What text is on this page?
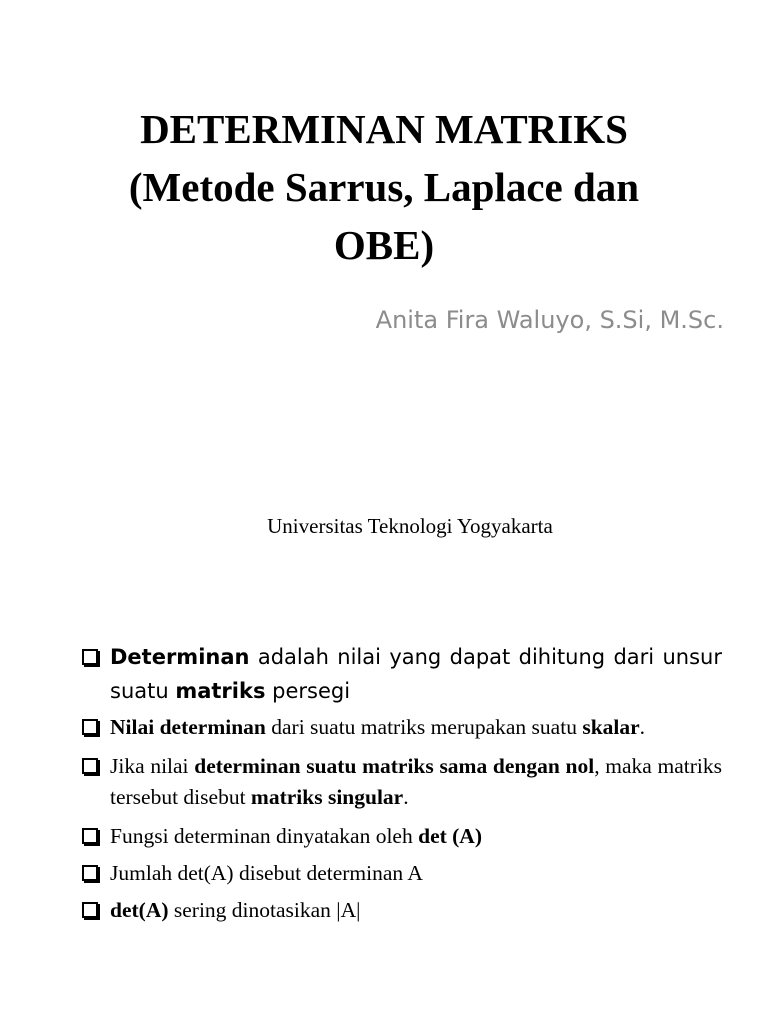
DETERMINAN MATRIKS
(Metode Sarrus, Laplace dan
OBE)
Anita Fira Waluyo, S.Si, M.Sc.
Universitas Teknologi Yogyakarta
Determinan adalah nilai yang dapat dihitung dari unsur suatu matriks persegi
Nilai determinan dari suatu matriks merupakan suatu skalar.
Jika nilai determinan suatu matriks sama dengan nol, maka matriks tersebut disebut matriks singular.
Fungsi determinan dinyatakan oleh det (A)
Jumlah det(A) disebut determinan A
det(A) sering dinotasikan |A|
